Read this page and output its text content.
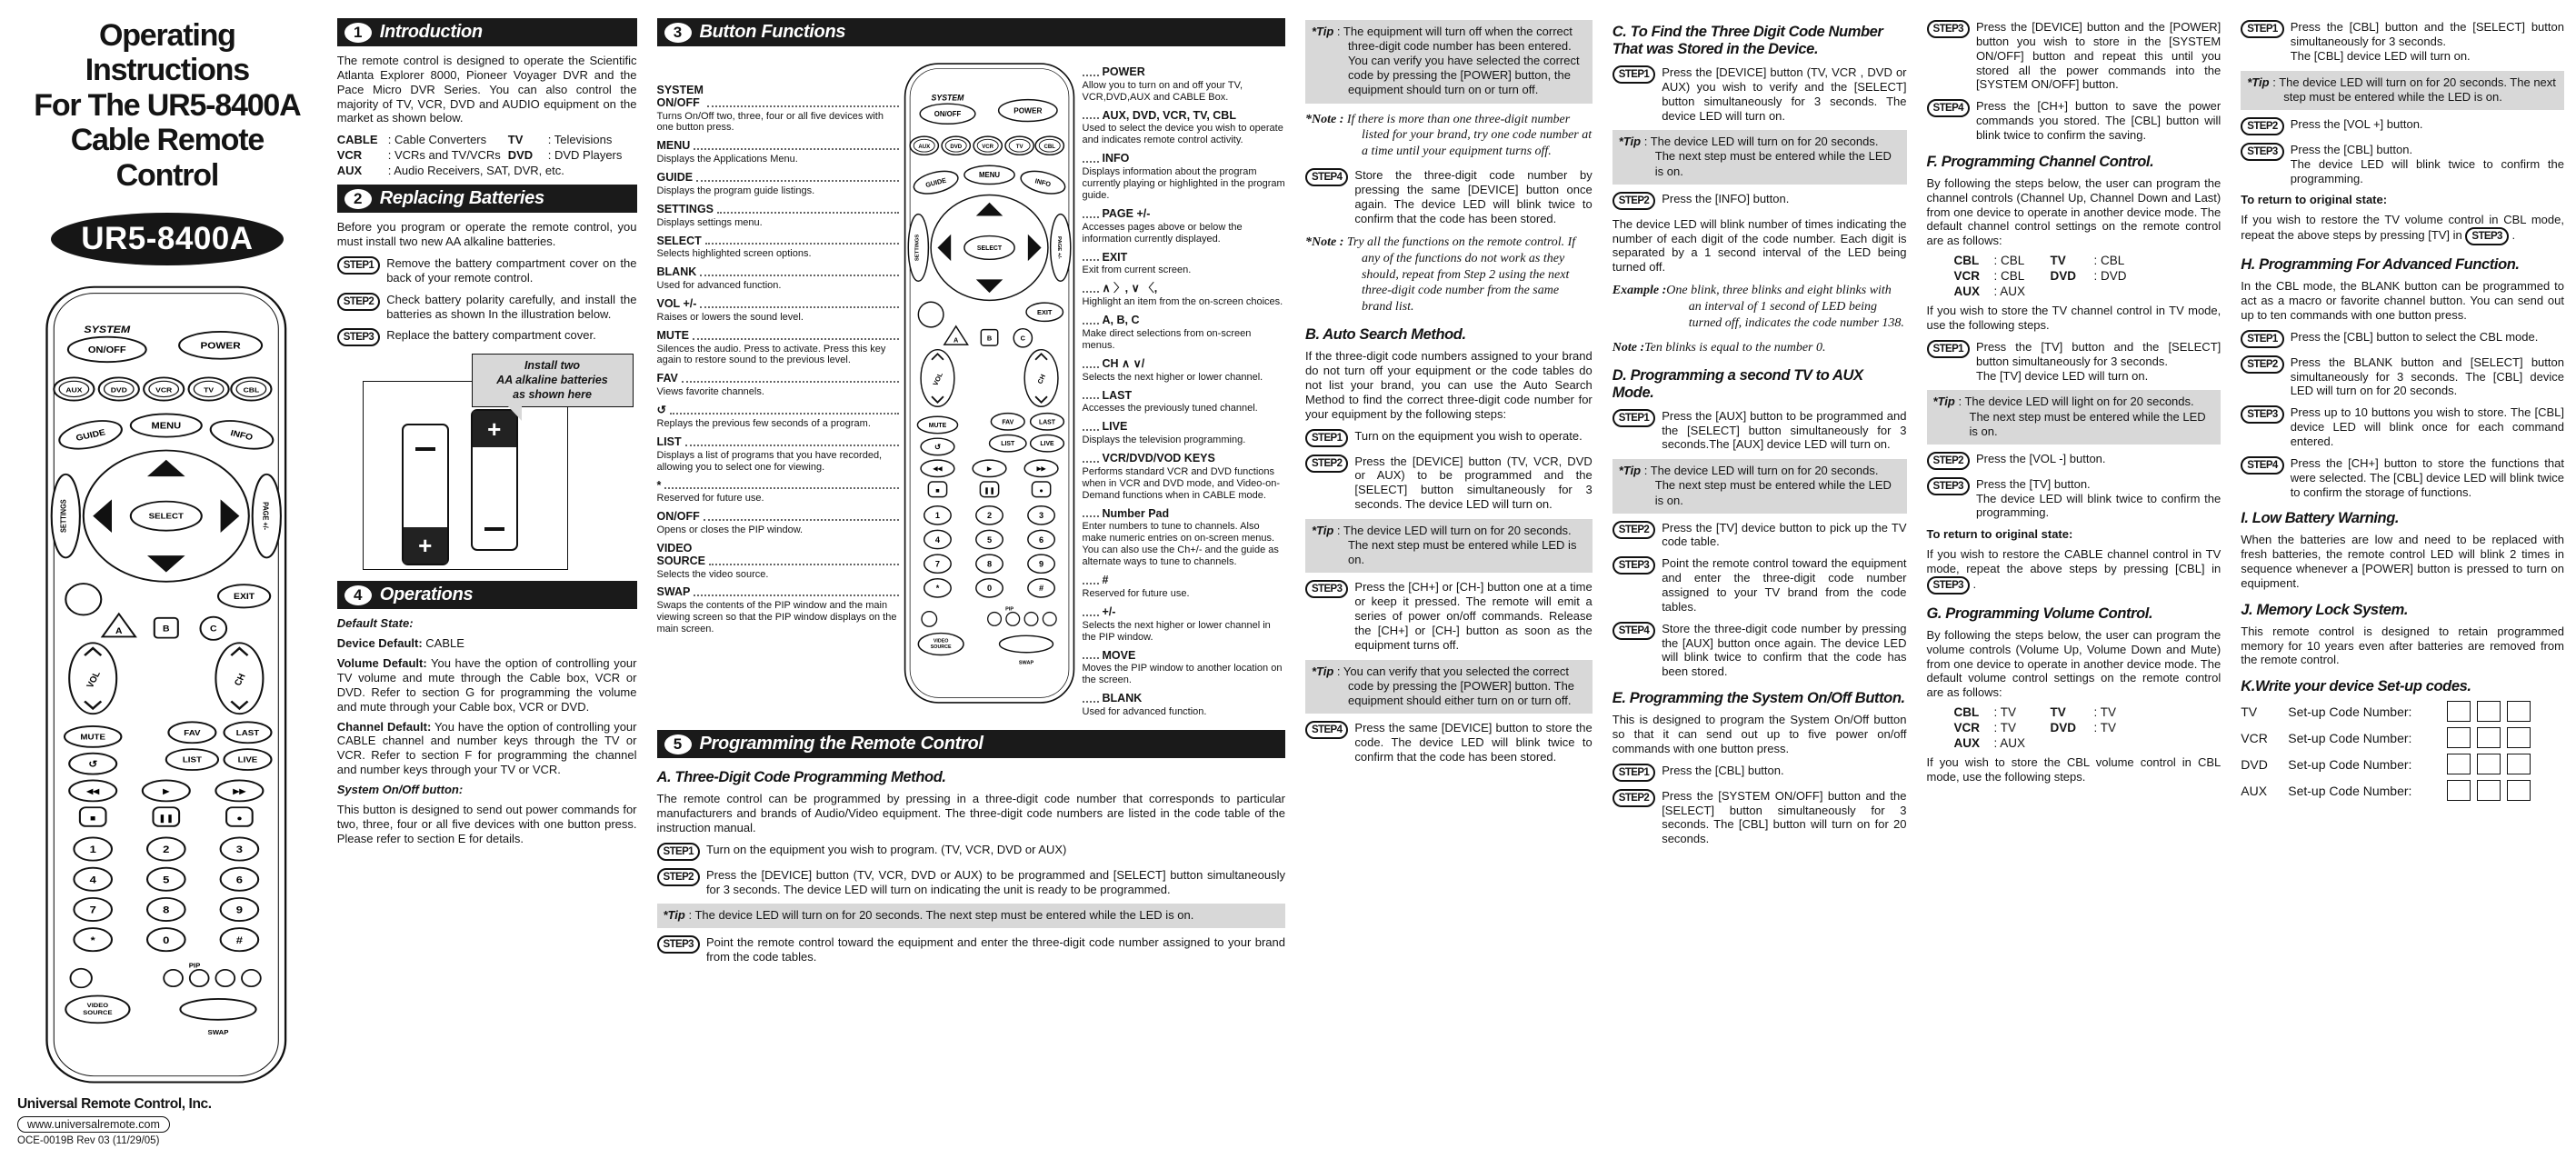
Operating Instructions
For The UR5-8400A
Cable Remote Control
UR5-8400A
SYSTEM
ON/OFF	POWER
AUX	DVD	VCR	TV	CBL
GUIDE
MENU
INFO
SELECT
SETTINGS	PAGE +/-
EXIT
A	B	C
VOL	CH
MUTE	FAV	LAST
↺	LIST	LIVE
◀◀	▶	▶▶
■	❚❚	●
1	2	3
4	5	6
7	8	9
*	0	#
PIP
VIDEO
SOURCE
SWAP
Universal Remote Control, Inc.
www.universalremote.com
OCE-0019B Rev 03 (11/29/05)
1 Introduction
The remote control is designed to operate the Scientific Atlanta Explorer 8000, Pioneer Voyager DVR and the Pace Micro DVR Series. You can also control the majority of TV, VCR, DVD and AUDIO equipment on the market as shown below.
CABLE : Cable Converters	TV	: Televisions
VCR	: VCRs and TV/VCRs DVD	: DVD Players
AUX	: Audio Receivers, SAT, DVR, etc.
2 Replacing Batteries
Before you program or operate the remote control, you must install two new AA alkaline batteries.
STEP1	Remove the battery compartment cover on the back of your remote control.
STEP2	Check battery polarity carefully, and install the batteries as shown In the illustration below.
STEP3	Replace the battery compartment cover.
+
+
Install two
AA alkaline batteries
as shown here
4 Operations
Default State:
Device Default: CABLE
Volume Default: You have the option of controlling your TV volume and mute through the Cable box, VCR or DVD. Refer to section G for programming the volume and mute through your Cable box, VCR or DVD.
Channel Default: You have the option of controlling your CABLE channel and number keys through the TV or VCR. Refer to section F for programming the channel and number keys through your TV or VCR.
System On/Off button:
This button is designed to send out power commands for two, three, four or all five devices with one button press. Please refer to section E for details.
3 Button Functions
SYSTEM
ON/OFF
Turns On/Off two, three, four or all five devices with one button press.
MENU
Displays the Applications Menu.
GUIDE
Displays the program guide listings.
SETTINGS
Displays settings menu.
SELECT
Selects highlighted screen options.
BLANK
Used for advanced function.
VOL +/-
Raises or lowers the sound level.
MUTE
Silences the audio. Press to activate. Press this key again to restore sound to the previous level.
FAV
Views favorite channels.
↺
Replays the previous few seconds of a program.
LIST
Displays a list of programs that you have recorded, allowing you to select one for viewing.
*
Reserved for future use.
ON/OFF
Opens or closes the PIP window.
VIDEO
SOURCE
Selects the video source.
SWAP
Swaps the contents of the PIP window and the main viewing screen so that the PIP window displays on the main screen.
SYSTEM
ON/OFF	POWER
AUX	DVD	VCR	TV	CBL
GUIDE
MENU
INFO
SELECT
SETTINGS	PAGE +/-
EXIT
A	B	C
VOL	CH
MUTE
FAV	LAST
↺	LIST	LIVE
◀◀	▶	▶▶
■	❚❚	●
1	2	3
4	5	6
7	8	9
*	0	#
PIP
VIDEO
SOURCE
SWAP
POWER
Allow you to turn on and off your TV, VCR,DVD,AUX and CABLE Box.
AUX, DVD, VCR, TV, CBL
Used to select the device you wish to operate and indicates remote control activity.
INFO
Displays information about the program currently playing or highlighted in the program guide.
PAGE +/-
Accesses pages above or below the information currently displayed.
EXIT
Exit from current screen.
∧ 〉, ∨ 〈,
Highlight an item from the on-screen choices.
A, B, C
Make direct selections from on-screen menus.
CH ∧ ∨/
Selects the next higher or lower channel.
LAST
Accesses the previously tuned channel.
LIVE
Displays the television programming.
VCR/DVD/VOD KEYS
Performs standard VCR and DVD functions when in VCR and DVD mode, and Video-on-Demand functions when in CABLE mode.
Number Pad
Enter numbers to tune to channels. Also make numeric entries on on-screen menus. You can also use the Ch+/- and the guide as alternate ways to tune to channels.
#
Reserved for future use.
+/-
Selects the next higher or lower channel in the PIP window.
MOVE
Moves the PIP window to another location on the screen.
BLANK
Used for advanced function.
5 Programming the Remote Control
A. Three-Digit Code Programming Method.
The remote control can be programmed by pressing in a three-digit code number that corresponds to particular manufacturers and brands of Audio/Video equipment. The three-digit code numbers are listed in the code table of the instruction manual.
STEP1	Turn on the equipment you wish to program. (TV, VCR, DVD or AUX)
STEP2	Press the [DEVICE] button (TV, VCR, DVD or AUX) to be programmed and [SELECT] button simultaneously for 3 seconds. The device LED will turn on indicating the unit is ready to be programmed.
*Tip : The device LED will turn on for 20 seconds. The next step must be entered while the LED is on.
STEP3	Point the remote control toward the equipment and enter the three-digit code number assigned to your brand from the code tables.
*Tip : The equipment will turn off when the correct three-digit code number has been entered. You can verify you have selected the correct code by pressing the [POWER] button, the equipment should turn on or turn off.
*Note : If there is more than one three-digit number listed for your brand, try one code number at a time until your equipment turns off.
STEP4	Store the three-digit code number by pressing the same [DEVICE] button once again. The device LED will blink twice to confirm that the code has been stored.
*Note : Try all the functions on the remote control. If any of the functions do not work as they should, repeat from Step 2 using the next three-digit code number from the same brand list.
B. Auto Search Method.
If the three-digit code numbers assigned to your brand do not turn off your equipment or the code tables do not list your brand, you can use the Auto Search Method to find the correct three-digit code number for your equipment by the following steps:
STEP1	Turn on the equipment you wish to operate.
STEP2	Press the [DEVICE] button (TV, VCR, DVD or AUX) to be programmed and the [SELECT] button simultaneously for 3 seconds. The device LED will turn on.
*Tip : The device LED will turn on for 20 seconds. The next step must be entered while LED is on.
STEP3	Press the [CH+] or [CH-] button one at a time or keep it pressed. The remote will emit a series of power on/off commands. Release the [CH+] or [CH-] button as soon as the equipment turns off.
*Tip : You can verify that you selected the correct code by pressing the [POWER] button. The equipment should either turn on or turn off.
STEP4	Press the same [DEVICE] button to store the code. The device LED will blink twice to confirm that the code has been stored.
C. To Find the Three Digit Code Number
That was Stored in the Device.
STEP1	Press the [DEVICE] button (TV, VCR , DVD or AUX) you wish to verify and the [SELECT] button simultaneously for 3 seconds. The device LED will turn on.
*Tip : The device LED will turn on for 20 seconds. The next step must be entered while the LED is on.
STEP2	Press the [INFO] button.
The device LED will blink number of times indicating the number of each digit of the code number. Each digit is separated by a 1 second interval of the LED being turned off.
Example :One blink, three blinks and eight blinks with an interval of 1 second of LED being turned off, indicates the code number 138.
Note :Ten blinks is equal to the number 0.
D. Programming a second TV to AUX Mode.
STEP1	Press the [AUX] button to be programmed and the [SELECT] button simultaneously for 3 seconds.The [AUX] device LED will turn on.
*Tip : The device LED will turn on for 20 seconds. The next step must be entered while the LED is on.
STEP2	Press the [TV] device button to pick up the TV code table.
STEP3	Point the remote control toward the equipment and enter the three-digit code number assigned to your TV brand from the code tables.
STEP4	Store the three-digit code number by pressing the [AUX] button once again. The device LED will blink twice to confirm that the code has been stored.
E. Programming the System On/Off Button.
This is designed to program the System On/Off button so that it can send out up to five power on/off commands with one button press.
STEP1	Press the [CBL] button.
STEP2	Press the [SYSTEM ON/OFF] button and the [SELECT] button simultaneously for 3 seconds. The [CBL] button will turn on for 20 seconds.
STEP3	Press the [DEVICE] button and the [POWER] button you wish to store in the [SYSTEM ON/OFF] button and repeat this until you stored all the power commands into the [SYSTEM ON/OFF] button.
STEP4	Press the [CH+] button to save the power commands you stored. The [CBL] button will blink twice to confirm the saving.
F. Programming Channel Control.
By following the steps below, the user can program the channel controls (Channel Up, Channel Down and Last) from one device to operate in another device mode. The default channel control settings on the remote control are as follows:
CBL	: CBL	TV	: CBL
VCR	: CBL	DVD	: DVD
AUX	: AUX
If you wish to store the TV channel control in TV mode, use the following steps.
STEP1	Press the [TV] button and the [SELECT] button simultaneously for 3 seconds.
The [TV] device LED will turn on.
*Tip : The device LED will light on for 20 seconds. The next step must be entered while the LED is on.
STEP2	Press the [VOL -] button.
STEP3	Press the [TV] button.
The device LED will blink twice to confirm the programming.
To return to original state:
If you wish to restore the CABLE channel control in TV mode, repeat the above steps by pressing [CBL] in STEP3 .
G. Programming Volume Control.
By following the steps below, the user can program the volume controls (Volume Up, Volume Down and Mute) from one device to operate in another device mode. The default volume control settings on the remote control are as follows:
CBL	: TV	TV	: TV
VCR	: TV	DVD	: TV
AUX	: AUX
If you wish to store the CBL volume control in CBL mode, use the following steps.
STEP1	Press the [CBL] button and the [SELECT] button simultaneously for 3 seconds.
The [CBL] device LED will turn on.
*Tip : The device LED will turn on for 20 seconds. The next step must be entered while the LED is on.
STEP2	Press the [VOL +] button.
STEP3	Press the [CBL] button.
The device LED will blink twice to confirm the programming.
To return to original state:
If you wish to restore the TV volume control in CBL mode, repeat the above steps by pressing [TV] in STEP3 .
H. Programming For Advanced Function.
In the CBL mode, the BLANK button can be programmed to act as a macro or favorite channel button. You can send out up to ten commands with one button press.
STEP1	Press the [CBL] button to select the CBL mode.
STEP2	Press the BLANK button and [SELECT] button simultaneously for 3 seconds. The [CBL] device LED will turn on for 20 seconds.
STEP3	Press up to 10 buttons you wish to store. The [CBL] device LED will blink once for each command entered.
STEP4	Press the [CH+] button to store the functions that were selected. The [CBL] device LED will blink twice to confirm the storage of functions.
I. Low Battery Warning.
When the batteries are low and need to be replaced with fresh batteries, the remote control LED will blink 2 times in sequence whenever a [POWER] button is pressed to turn on equipment.
J. Memory Lock System.
This remote control is designed to retain programmed memory for 10 years even after batteries are removed from the remote control.
K.Write your device Set-up codes.
TV	Set-up Code Number:
VCR	Set-up Code Number:
DVD	Set-up Code Number:
AUX	Set-up Code Number:
